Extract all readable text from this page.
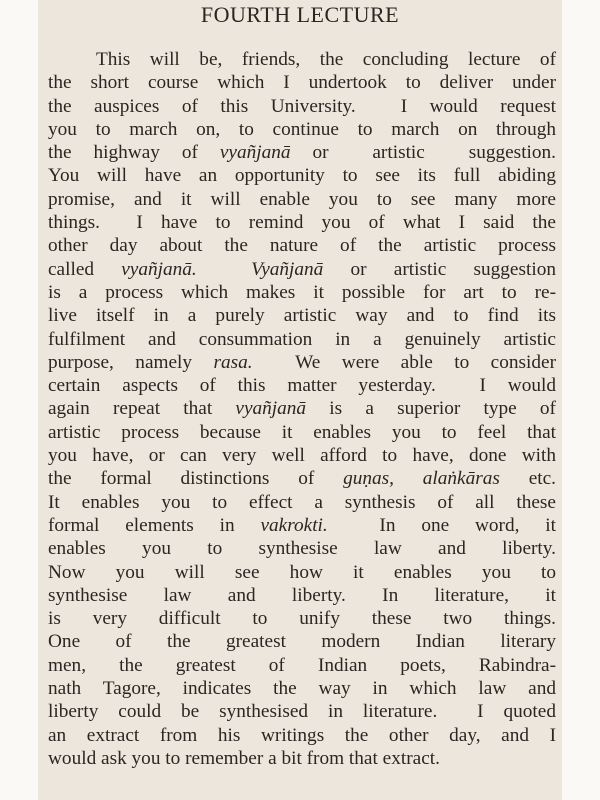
FOURTH LECTURE
This will be, friends, the concluding lecture of
the short course which I undertook to deliver under
the auspices of this University.  I would request
you to march on, to continue to march on through
the highway of vyañjanā or  artistic  suggestion.
You will have an opportunity to see its full abiding
promise, and it will enable you to see many more
things.  I have to remind you of what I said the
other day about the nature of the artistic process
called vyañjanā.  Vyañjanā or artistic suggestion
is a process which makes it possible for art to re-
live itself in a purely artistic way and to find its
fulfilment and consummation in a genuinely artistic
purpose, namely rasa.  We were able to consider
certain aspects of this matter yesterday.  I would
again repeat that vyañjanā is a superior type of
artistic process because it enables you to feel that
you have, or can very well afford to have, done with
the formal distinctions of guṇas, alaṅkāras etc.
It enables you to effect a synthesis of all these
formal elements in vakrokti.  In one word, it
enables  you  to  synthesise  law  and  liberty.
Now  you  will  see  how  it  enables  you  to
synthesise  law  and  liberty.  In  literature,  it
is  very  difficult  to  unify  these  two  things.
One of the greatest modern Indian literary
men, the greatest of Indian poets, Rabindra-
nath Tagore, indicates the way in which law and
liberty could be synthesised in literature.  I quoted
an extract from his writings the other day, and I
would ask you to remember a bit from that extract.
